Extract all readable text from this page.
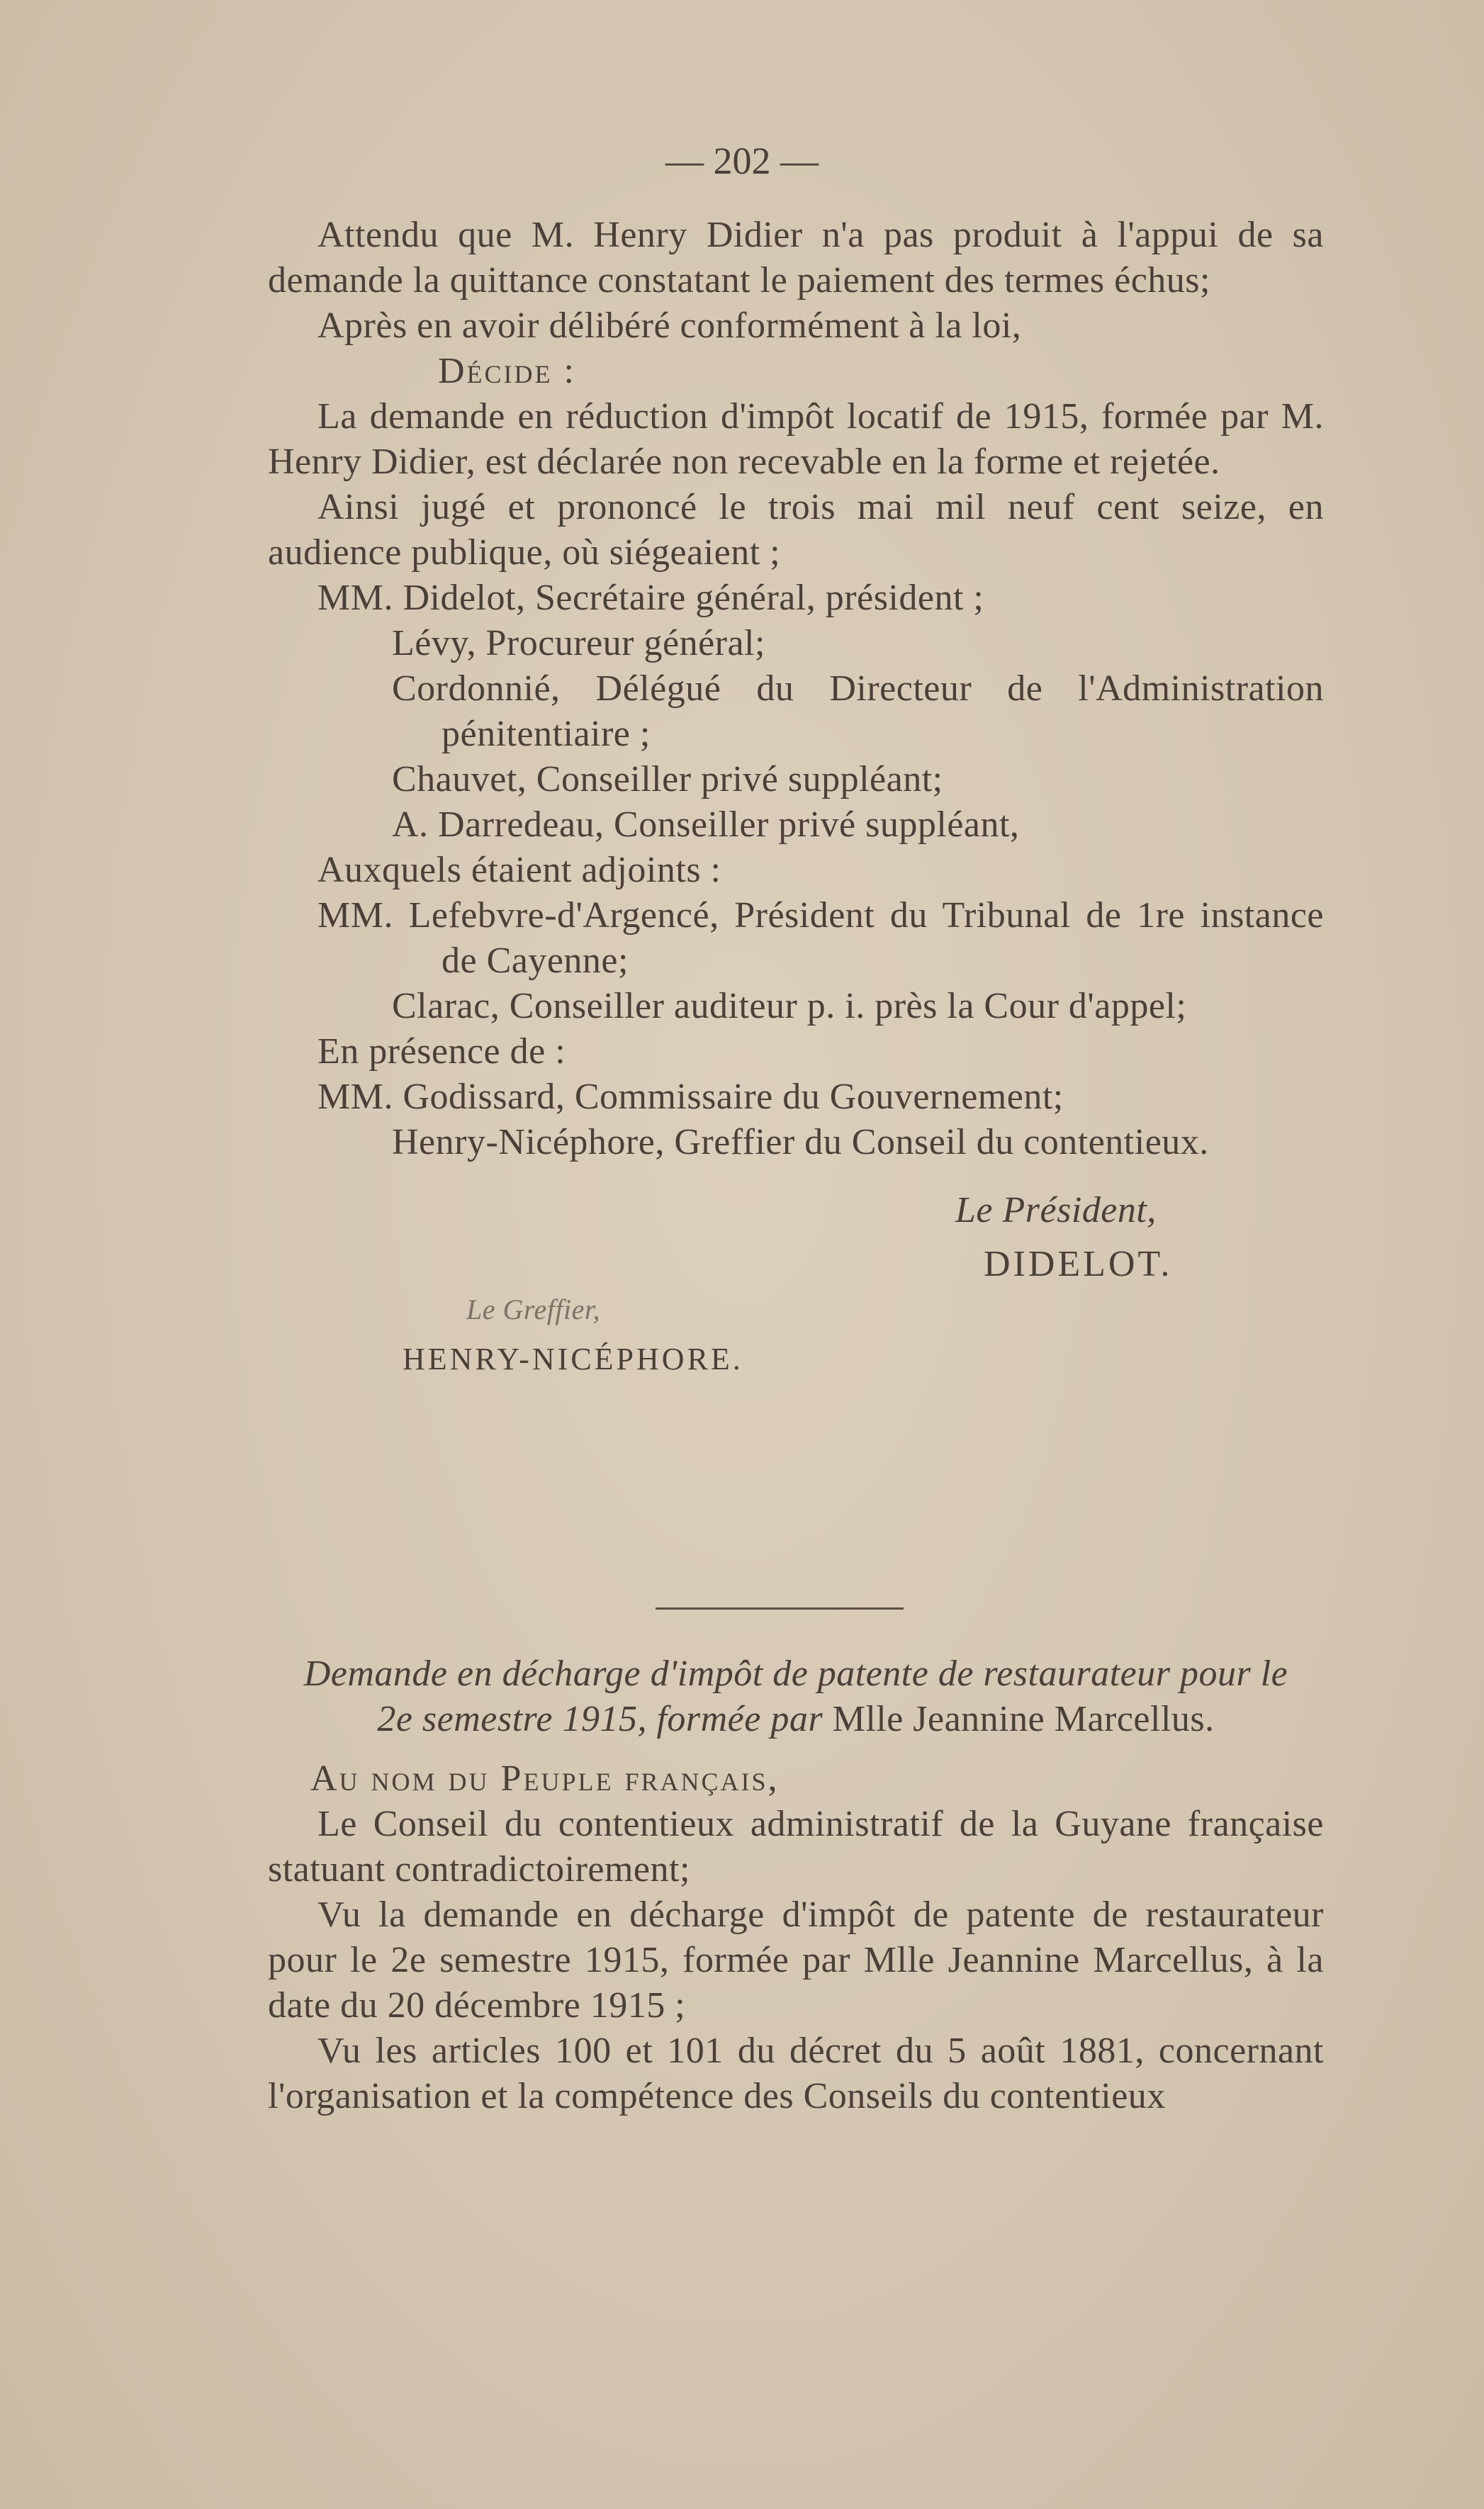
— 202 —

Attendu que M. Henry Didier n'a pas produit à l'appui de sa demande la quittance constatant le paiement des termes échus;

Après en avoir délibéré conformément à la loi,

Décide :

La demande en réduction d'impôt locatif de 1915, formée par M. Henry Didier, est déclarée non recevable en la forme et rejetée.

Ainsi jugé et prononcé le trois mai mil neuf cent seize, en audience publique, où siégeaient ;

MM. Didelot, Secrétaire général, président ;

Lévy, Procureur général;

Cordonnié, Délégué du Directeur de l'Administration pénitentiaire ;

Chauvet, Conseiller privé suppléant;

A. Darredeau, Conseiller privé suppléant,

Auxquels étaient adjoints :

MM. Lefebvre-d'Argencé, Président du Tribunal de 1re instance de Cayenne;

Clarac, Conseiller auditeur p. i. près la Cour d'appel;

En présence de :

MM. Godissard, Commissaire du Gouvernement;

Henry-Nicéphore, Greffier du Conseil du contentieux.

Le Président,

DIDELOT.

Le Greffier,

HENRY-NICÉPHORE.

Demande en décharge d'impôt de patente de restaurateur pour le 2e semestre 1915, formée par Mlle Jeannine Marcellus.

Au nom du Peuple français,

Le Conseil du contentieux administratif de la Guyane française statuant contradictoirement;

Vu la demande en décharge d'impôt de patente de restaurateur pour le 2e semestre 1915, formée par Mlle Jeannine Marcellus, à la date du 20 décembre 1915 ;

Vu les articles 100 et 101 du décret du 5 août 1881, concernant l'organisation et la compétence des Conseils du contentieux
